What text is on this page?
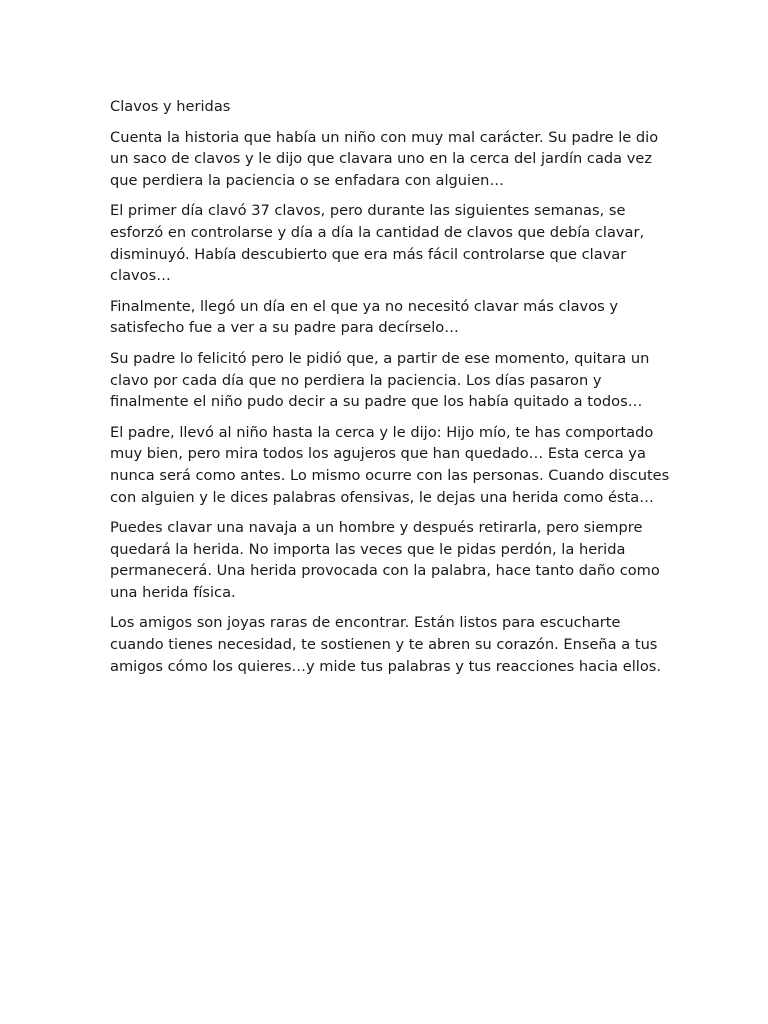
Clavos y heridas

Cuenta la historia que había un niño con muy mal carácter. Su padre le dio un saco de clavos y le dijo que clavara uno en la cerca del jardín cada vez que perdiera la paciencia o se enfadara con alguien…

El primer día clavó 37 clavos, pero durante las siguientes semanas, se esforzó en controlarse y día a día la cantidad de clavos que debía clavar, disminuyó. Había descubierto que era más fácil controlarse que clavar clavos…

Finalmente, llegó un día en el que ya no necesitó clavar más clavos y satisfecho fue a ver a su padre para decírselo…

Su padre lo felicitó pero le pidió que, a partir de ese momento, quitara un clavo por cada día que no perdiera la paciencia. Los días pasaron y finalmente el niño pudo decir a su padre que los había quitado a todos…

El padre, llevó al niño hasta la cerca y le dijo: Hijo mío, te has comportado muy bien, pero mira todos los agujeros que han quedado… Esta cerca ya nunca será como antes. Lo mismo ocurre con las personas. Cuando discutes con alguien y le dices palabras ofensivas, le dejas una herida como ésta…

Puedes clavar una navaja a un hombre y después retirarla, pero siempre quedará la herida. No importa las veces que le pidas perdón, la herida permanecerá. Una herida provocada con la palabra, hace tanto daño como una herida física.

Los amigos son joyas raras de encontrar. Están listos para escucharte cuando tienes necesidad, te sostienen y te abren su corazón. Enseña a tus amigos cómo los quieres…y mide tus palabras y tus reacciones hacia ellos.
